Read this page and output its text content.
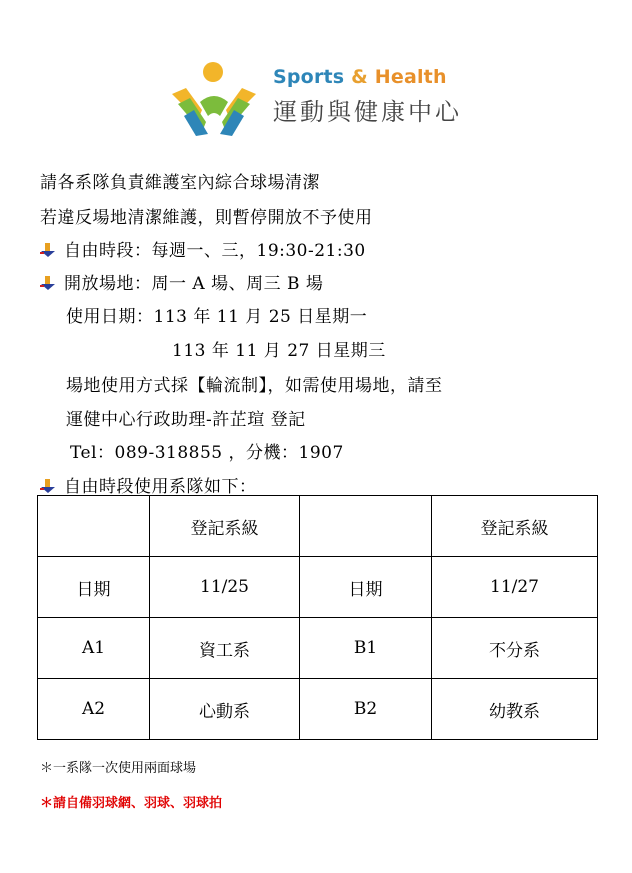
Sports & Health
運動與健康中心
請各系隊負責維護室內綜合球場清潔
若違反場地清潔維護，則暫停開放不予使用
自由時段：每週一、三，19:30-21:30
開放場地：周一 A 場、周三 B 場
使用日期：113 年 11 月 25 日星期一
113 年 11 月 27 日星期三
場地使用方式採【輪流制】，如需使用場地，請至
運健中心行政助理-許芷瑄 登記
Tel：089-318855 ，分機：1907
自由時段使用系隊如下：
	登記系級		登記系級
日期	11/25	日期	11/27
A1	資工系	B1	不分系
A2	心動系	B2	幼教系
＊一系隊一次使用兩面球場
＊請自備羽球網、羽球、羽球拍
